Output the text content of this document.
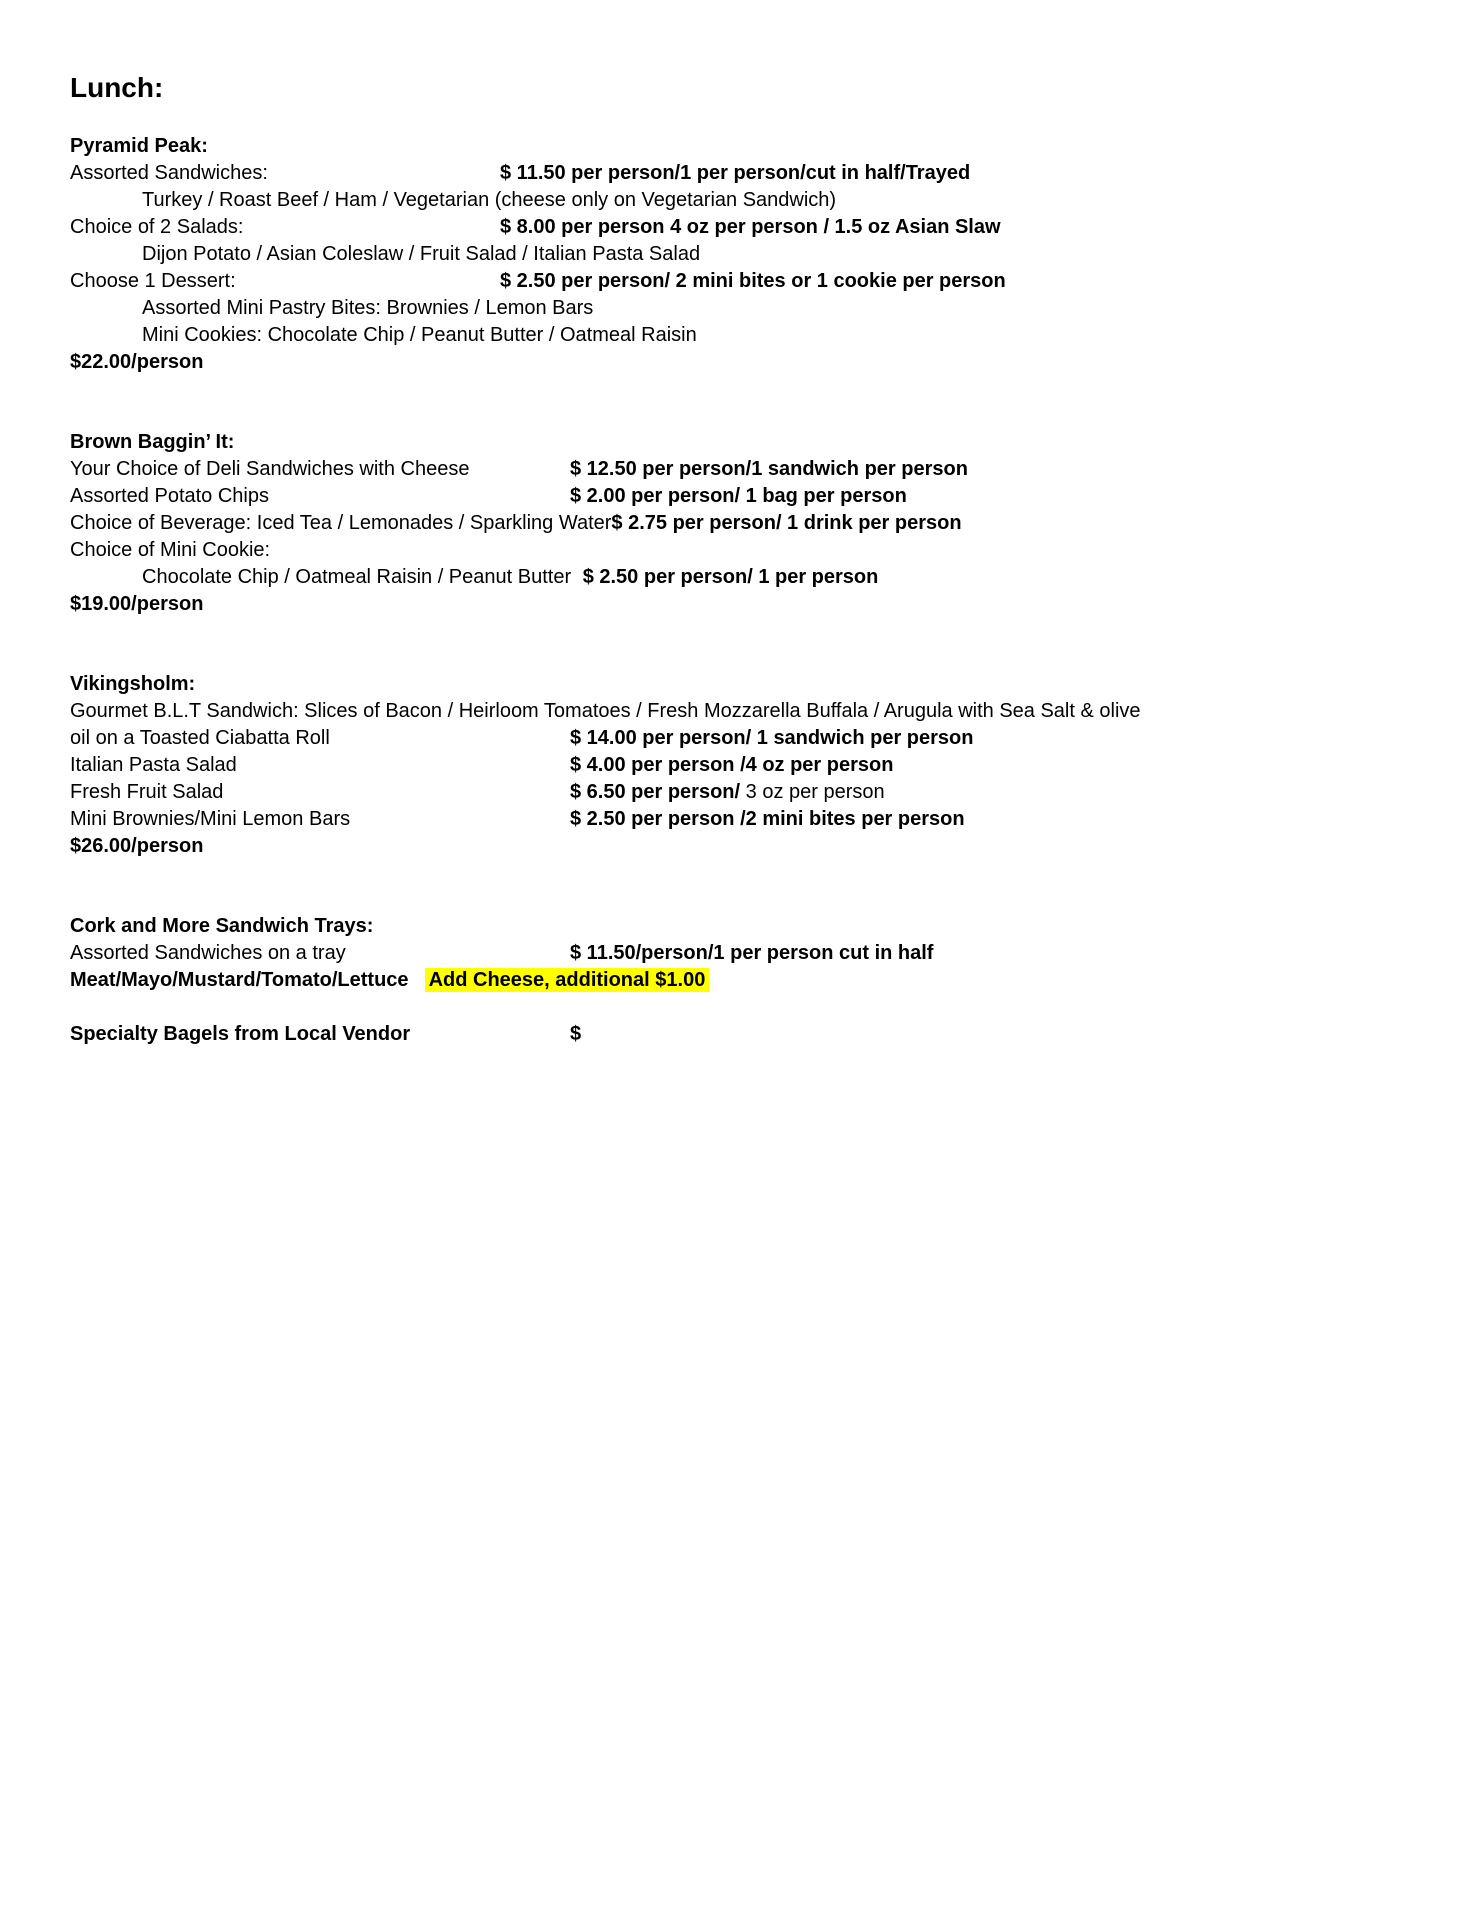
Lunch:
Pyramid Peak:
Assorted Sandwiches:	$ 11.50 per person/1 per person/cut in half/Trayed
Turkey / Roast Beef / Ham / Vegetarian (cheese only on Vegetarian Sandwich)
Choice of 2 Salads:	$ 8.00 per person 4 oz per person / 1.5 oz Asian Slaw
Dijon Potato / Asian Coleslaw / Fruit Salad / Italian Pasta Salad
Choose 1 Dessert:	$ 2.50 per person/ 2 mini bites or 1 cookie per person
Assorted Mini Pastry Bites: Brownies / Lemon Bars
Mini Cookies: Chocolate Chip / Peanut Butter / Oatmeal Raisin
$22.00/person
Brown Baggin’ It:
Your Choice of Deli Sandwiches with Cheese	$ 12.50 per person/1 sandwich per person
Assorted Potato Chips	$ 2.00 per person/ 1 bag per person
Choice of Beverage: Iced Tea / Lemonades / Sparkling Water$ 2.75 per person/ 1 drink per person
Choice of Mini Cookie:
Chocolate Chip / Oatmeal Raisin / Peanut Butter $ 2.50 per person/ 1 per person
$19.00/person
Vikingsholm:
Gourmet B.L.T Sandwich: Slices of Bacon / Heirloom Tomatoes / Fresh Mozzarella Buffala / Arugula with Sea Salt & olive
oil on a Toasted Ciabatta Roll	$ 14.00 per person/ 1 sandwich per person
Italian Pasta Salad	$ 4.00 per person /4 oz per person
Fresh Fruit Salad	$ 6.50 per person/ 3 oz per person
Mini Brownies/Mini Lemon Bars	$ 2.50 per person /2 mini bites per person
$26.00/person
Cork and More Sandwich Trays:
Assorted Sandwiches on a tray	$ 11.50/person/1 per person cut in half
Meat/Mayo/Mustard/Tomato/Lettuce Add Cheese, additional $1.00
Specialty Bagels from Local Vendor	$
